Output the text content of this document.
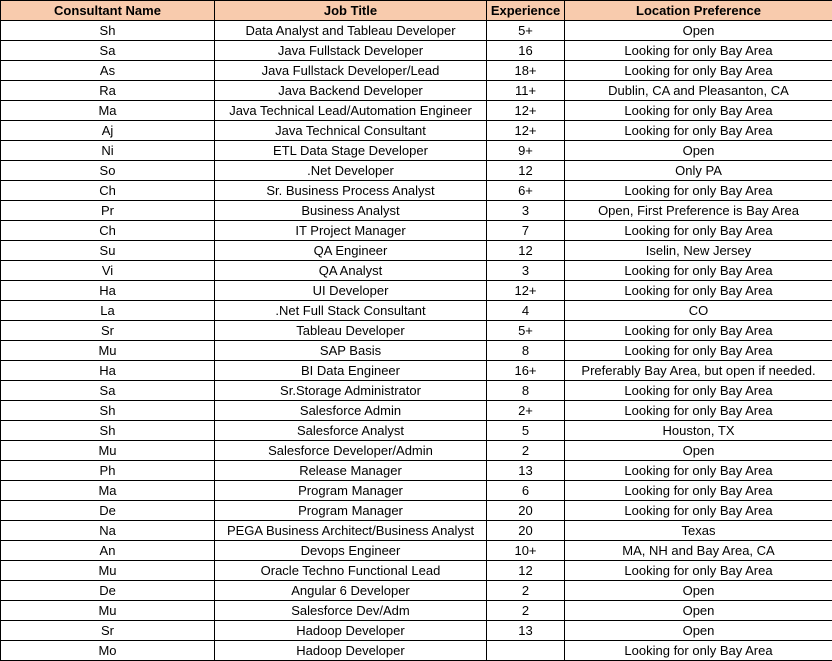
Consultant Name	Job Title	Experience	Location Preference
Sh	Data Analyst and Tableau Developer	5+	Open
Sa	Java Fullstack Developer	16	Looking for only Bay Area
As	Java Fullstack Developer/Lead	18+	Looking for only Bay Area
Ra	Java Backend Developer	11+	Dublin, CA and Pleasanton, CA
Ma	Java Technical Lead/Automation Engineer	12+	Looking for only Bay Area
Aj	Java Technical Consultant	12+	Looking for only Bay Area
Ni	ETL Data Stage Developer	9+	Open
So	.Net Developer	12	Only PA
Ch	Sr. Business Process Analyst	6+	Looking for only Bay Area
Pr	Business Analyst	3	Open, First Preference is Bay Area
Ch	IT Project Manager	7	Looking for only Bay Area
Su	QA Engineer	12	Iselin, New Jersey
Vi	QA Analyst	3	Looking for only Bay Area
Ha	UI Developer	12+	Looking for only Bay Area
La	.Net Full Stack Consultant	4	CO
Sr	Tableau Developer	5+	Looking for only Bay Area
Mu	SAP Basis	8	Looking for only Bay Area
Ha	BI Data Engineer	16+	Preferably Bay Area, but open if needed.
Sa	Sr.Storage Administrator	8	Looking for only Bay Area
Sh	Salesforce Admin	2+	Looking for only Bay Area
Sh	Salesforce Analyst	5	Houston, TX
Mu	Salesforce Developer/Admin	2	Open
Ph	Release Manager	13	Looking for only Bay Area
Ma	Program Manager	6	Looking for only Bay Area
De	Program Manager	20	Looking for only Bay Area
Na	PEGA Business Architect/Business Analyst	20	Texas
An	Devops Engineer	10+	MA, NH and Bay Area, CA
Mu	Oracle Techno Functional Lead	12	Looking for only Bay Area
De	Angular 6 Developer	2	Open
Mu	Salesforce Dev/Adm	2	Open
Sr	Hadoop Developer	13	Open
Mo	Hadoop Developer		Looking for only Bay Area
